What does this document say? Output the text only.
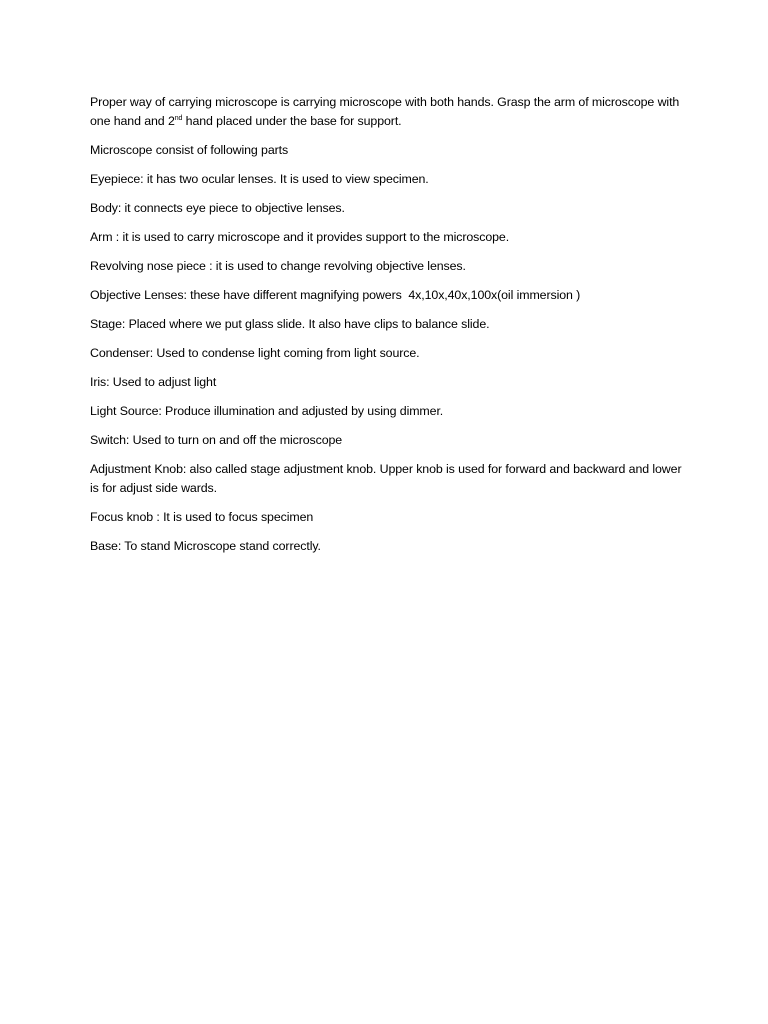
Proper way of carrying microscope is carrying microscope with both hands. Grasp the arm of microscope with one hand and 2nd hand placed under the base for support.

Microscope consist of following parts

Eyepiece: it has two ocular lenses. It is used to view specimen.

Body: it connects eye piece to objective lenses.

Arm : it is used to carry microscope and it provides support to the microscope.

Revolving nose piece : it is used to change revolving objective lenses.

Objective Lenses: these have different magnifying powers  4x,10x,40x,100x(oil immersion )

Stage: Placed where we put glass slide. It also have clips to balance slide.

Condenser: Used to condense light coming from light source.

Iris: Used to adjust light

Light Source: Produce illumination and adjusted by using dimmer.

Switch: Used to turn on and off the microscope

Adjustment Knob: also called stage adjustment knob. Upper knob is used for forward and backward and lower is for adjust side wards.

Focus knob : It is used to focus specimen

Base: To stand Microscope stand correctly.
